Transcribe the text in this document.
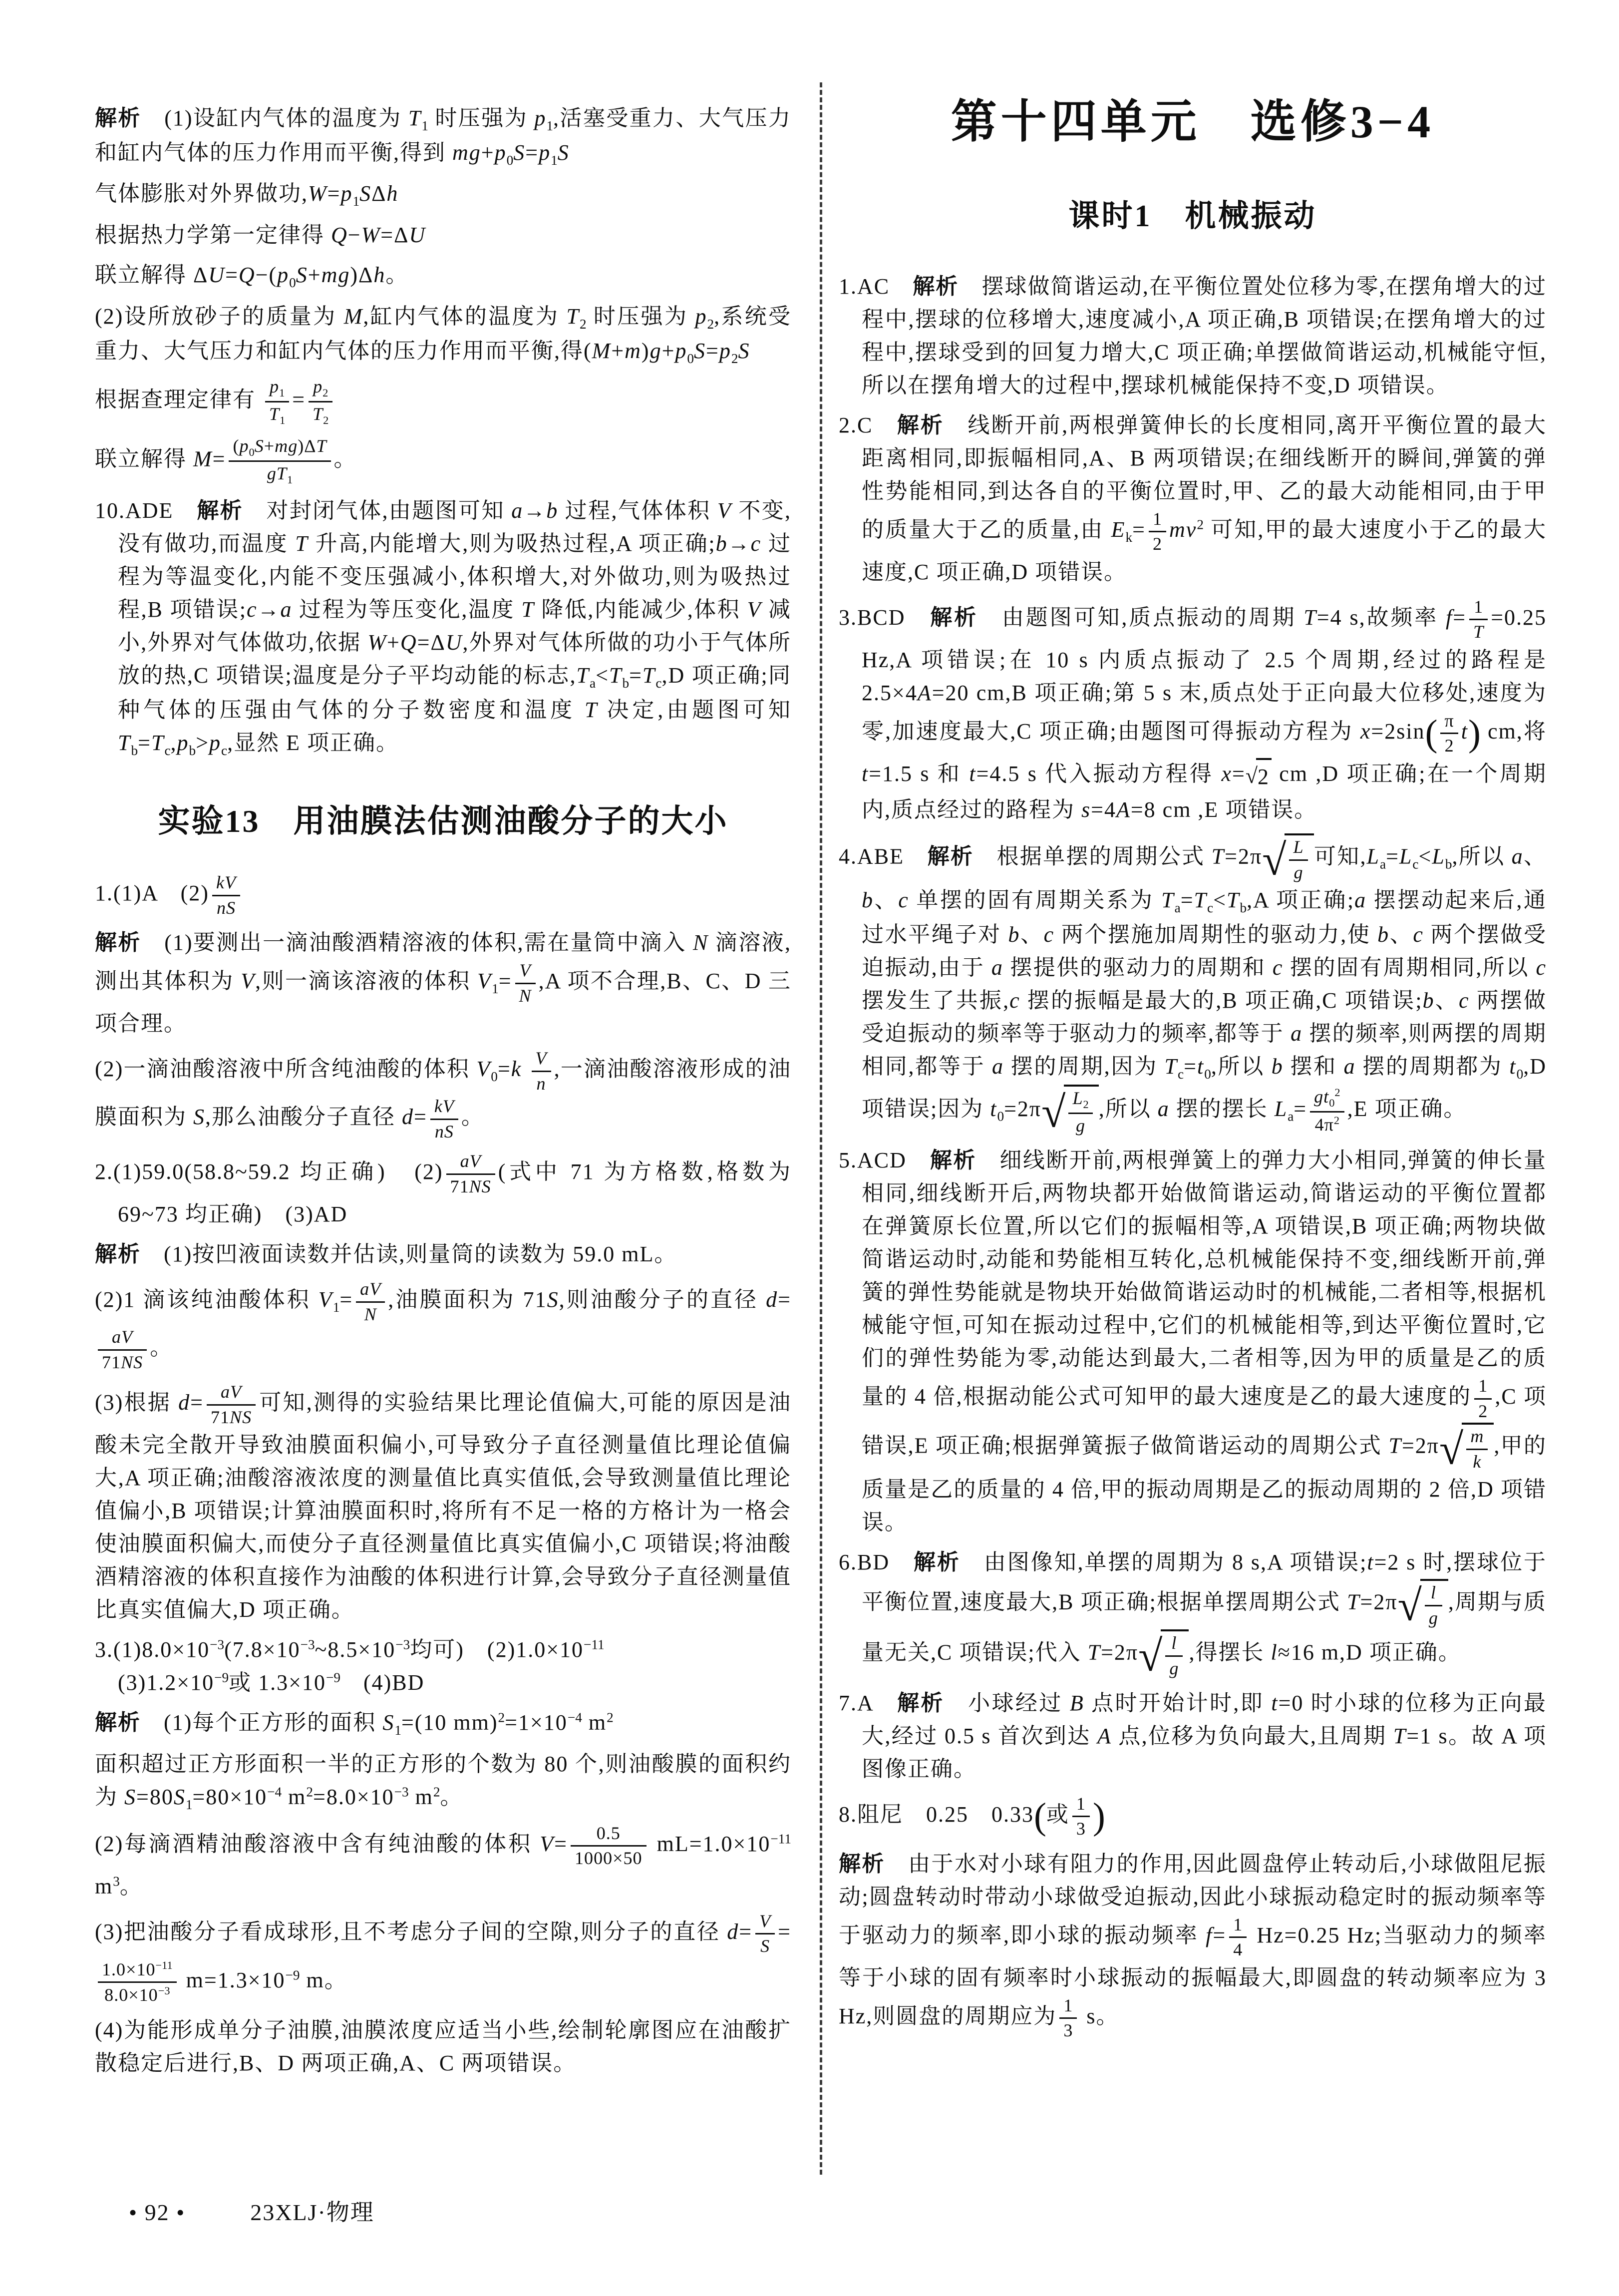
解析　(1)设缸内气体的温度为 $T_1$ 时压强为 $p_1$,活塞受重力、大气压力和缸内气体的压力作用而平衡,得到 $mg+p_0S=p_1S$

气体膨胀对外界做功$,W=p_1S\Delta h$

根据热力学第一定律得 Q−W=ΔU

联立解得 $\Delta U=Q-(p_0S+mg)\Delta h$。

(2)设所放砂子的质量为 M,缸内气体的温度为 $T_2$ 时压强为 $p_2$,系统受重力、大气压力和缸内气体的压力作用而平衡,得$(M+m)g+p_0S=p_2S$

根据查理定律有 $\frac{p_1}{T_1} = \frac{p_2}{T_2}$

联立解得 $M= \frac{(p_0S+mg)\Delta T}{gT_1}$ 。

10.ADE　解析　对封闭气体,由题图可知 a→b 过程,气体体积 V 不变,没有做功,而温度 T 升高,内能增大,则为吸热过程,A 项正确;b→c 过程为等温变化,内能不变压强减小,体积增大,对外做功,则为吸热过程,B 项错误;c→a 过程为等压变化,温度 T 降低,内能减少,体积 V 减小,外界对气体做功,依据 W+Q=ΔU,外界对气体所做的功小于气体所放的热,C 项错误;温度是分子平均动能的标志$,T_a<T_b=T_c,D$ 项正确;同种气体的压强由气体的分子数密度和温度 T 决定,由题图可知 $T_b=T_c,p_b>p_c$,显然 E 项正确。

实验13　用油膜法估测油酸分子的大小

1.(1)A　$(2) \frac{kV}{nS}$

解析　(1)要测出一滴油酸酒精溶液的体积,需在量筒中滴入 N 滴溶液,测出其体积为 V,则一滴该溶液的体积 $V_1= \frac{V}{N} ,A$ 项不合理,B、C、D 三项合理。

(2)一滴油酸溶液中所含纯油酸的体积 $V_0=k \frac{V}{n}$ ,一滴油酸溶液形成的油膜面积为 S,那么油酸分子直径 $d= \frac{kV}{nS}$ 。

2.(1)59.0(58.8~59.2 均正确)　$(2) \frac{aV}{71NS}$ (式中 71 为方格数,格数为 69~73 均正确)　(3)AD

解析　(1)按凹液面读数并估读,则量筒的读数为 59.0 mL。

(2)1 滴该纯油酸体积 $V_1= \frac{aV}{N}$ ,油膜面积为 71S,则油酸分子的直径 d=
$\frac{aV}{71NS}$ 。

(3)根据 $d= \frac{aV}{71NS}$ 可知,测得的实验结果比理论值偏大,可能的原因是油酸未完全散开导致油膜面积偏小,可导致分子直径测量值比理论值偏大,A 项正确;油酸溶液浓度的测量值比真实值低,会导致测量值比理论值偏小,B 项错误;计算油膜面积时,将所有不足一格的方格计为一格会使油膜面积偏大,而使分子直径测量值比真实值偏小,C 项错误;将油酸酒精溶液的体积直接作为油酸的体积进行计算,会导致分子直径测量值比真实值偏大,D 项正确。

$3.(1)8.0\times 10^{-3}(7.8\times 10^{-3}\sim 8.5\times 10^{-3}$均可)　$(2)1.0\times 10^{-11}$
$(3)1.2\times 10^{-9}$或 $1.3\times 10^{-9}$　(4)BD

解析　(1)每个正方形的面积 $S_1=(10$ $mm)^2=1\times 10^{-4}$ $m^2$

面积超过正方形面积一半的正方形的个数为 80 个,则油酸膜的面积约为 $S=80S_1=80\times 10^{-4}$ $m^2=8.0\times 10^{-3}$ $m^2$。

(2)每滴酒精油酸溶液中含有纯油酸的体积 $V= \frac{0.5}{1000\times 50} mL=1.0\times 10^{-11}$ $m^3$。

(3)把油酸分子看成球形,且不考虑分子间的空隙,则分子的直径 $d= \frac{V}{S}$ =
$\frac{1.0\times 10^{-11}}{8.0\times 10^{-3}} m=1.3\times 10^{-9}$ m。

(4)为能形成单分子油膜,油膜浓度应适当小些,绘制轮廓图应在油酸扩散稳定后进行,B、D 两项正确,A、C 两项错误。

第十四单元　选修3−4
课时1　机械振动

1.AC　解析　摆球做简谐运动,在平衡位置处位移为零,在摆角增大的过程中,摆球的位移增大,速度减小,A 项正确,B 项错误;在摆角增大的过程中,摆球受到的回复力增大,C 项正确;单摆做简谐运动,机械能守恒,所以在摆角增大的过程中,摆球机械能保持不变,D 项错误。

2.C　解析　线断开前,两根弹簧伸长的长度相同,离开平衡位置的最大距离相同,即振幅相同,A、B 两项错误;在细线断开的瞬间,弹簧的弹性势能相同,到达各自的平衡位置时,甲、乙的最大动能相同,由于甲的质量大于乙的质量,由 $E_k= \frac{1}{2} mv^2$ 可知,甲的最大速度小于乙的最大速度,C 项正确,D 项错误。

3.BCD　解析　由题图可知,质点振动的周期 T=4 s,故频率 $f= \frac{1}{T} =0.25$ Hz,A 项错误;在 10 s 内质点振动了 2.5 个周期,经过的路程是 2.5×4A=20 cm,B 项正确;第 5 s 末,质点处于正向最大位移处,速度为零,加速度最大,C 项正确;由题图可得振动方程为 $x=2\sin( \frac{\pi}{2} t)$ cm,将 t=1.5 s 和 t=4.5 s 代入振动方程得 x= √ 2 cm ,D 项正确;在一个周期内,质点经过的路程为 s=4A=8 cm ,E 项错误。

4.ABE　解析　根据单摆的周期公式 T=2π √ $\frac{L}{g}$ 可知$,L_a=L_c<L_b$,所以 a、b、c 单摆的固有周期关系为 $T_a=T_c<T_b,A$ 项正确;a 摆摆动起来后,通过水平绳子对 b、c 两个摆施加周期性的驱动力,使 b、c 两个摆做受迫振动,由于 a 摆提供的驱动力的周期和 c 摆的固有周期相同,所以 c 摆发生了共振,c 摆的振幅是最大的,B 项正确,C 项错误;b、c 两摆做受迫振动的频率等于驱动力的频率,都等于 a 摆的频率,则两摆的周期相同,都等于 a 摆的周期,因为 $T_c=t_0$,所以 b 摆和 a 摆的周期都为 $t_0,D$ 项错误;因为 $t_0=2\pi$ √ $\frac{L_2}{g}$ ,所以 a 摆的摆长 $L_a= \frac{gt_0^2}{4\pi^2} ,E$ 项正确。

5.ACD　解析　细线断开前,两根弹簧上的弹力大小相同,弹簧的伸长量相同,细线断开后,两物块都开始做简谐运动,简谐运动的平衡位置都在弹簧原长位置,所以它们的振幅相等,A 项错误,B 项正确;两物块做简谐运动时,动能和势能相互转化,总机械能保持不变,细线断开前,弹簧的弹性势能就是物块开始做简谐运动时的机械能,二者相等,根据机械能守恒,可知在振动过程中,它们的机械能相等,到达平衡位置时,它们的弹性势能为零,动能达到最大,二者相等,因为甲的质量是乙的质量的 4 倍,根据动能公式可知甲的最大速度是乙的最大速度的 $\frac{1}{2} ,C$ 项错误,E 项正确;根据弹簧振子做简谐运动的周期公式 T=2π √ $\frac{m}{k}$ ,甲的质量是乙的质量的 4 倍,甲的振动周期是乙的振动周期的 2 倍,D 项错误。

6.BD　解析　由图像知,单摆的周期为 8 s,A 项错误;t=2 s 时,摆球位于平衡位置,速度最大,B 项正确;根据单摆周期公式 T=2π √ $\frac{l}{g}$ ,周期与质量无关,C 项错误;代入 T=2π √ $\frac{l}{g}$ ,得摆长 l≈16 m,D 项正确。

7.A　解析　小球经过 B 点时开始计时,即 t=0 时小球的位移为正向最大,经过 0.5 s 首次到达 A 点,位移为负向最大,且周期 T=1 s。故 A 项图像正确。

8.阻尼　0.25　0.33(或 $\frac{1}{3}$ )

解析　由于水对小球有阻力的作用,因此圆盘停止转动后,小球做阻尼振动;圆盘转动时带动小球做受迫振动,因此小球振动稳定时的振动频率等于驱动力的频率,即小球的振动频率 $f= \frac{1}{4} Hz=0.25$ Hz;当驱动力的频率等于小球的固有频率时小球振动的振幅最大,即圆盘的转动频率应为 3 Hz,则圆盘的周期应为 $\frac{1}{3}$ s。

• 92 •	23XLJ·物理
